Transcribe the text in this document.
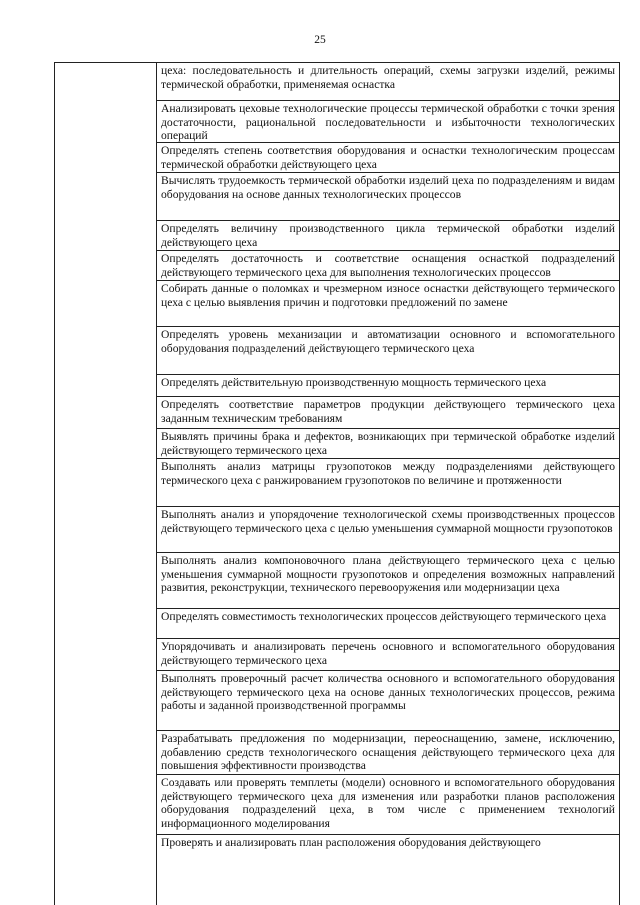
25
цеха: последовательность и длительность операций, схемы загрузки изделий, режимы термической обработки, применяемая оснастка
Анализировать цеховые технологические процессы термической обработки с точки зрения достаточности, рациональной последовательности и избыточности технологических операций
Определять степень соответствия оборудования и оснастки технологическим процессам термической обработки действующего цеха
Вычислять трудоемкость термической обработки изделий цеха по подразделениям и видам оборудования на основе данных технологических процессов
Определять величину производственного цикла термической обработки изделий действующего цеха
Определять достаточность и соответствие оснащения оснасткой подразделений действующего термического цеха для выполнения технологических процессов
Собирать данные о поломках и чрезмерном износе оснастки действующего термического цеха с целью выявления причин и подготовки предложений по замене
Определять уровень механизации и автоматизации основного и вспомогательного оборудования подразделений действующего термического цеха
Определять действительную производственную мощность термического цеха
Определять соответствие параметров продукции действующего термического цеха заданным техническим требованиям
Выявлять причины брака и дефектов, возникающих при термической обработке изделий действующего термического цеха
Выполнять анализ матрицы грузопотоков между подразделениями действующего термического цеха с ранжированием грузопотоков по величине и протяженности
Выполнять анализ и упорядочение технологической схемы производственных процессов действующего термического цеха с целью уменьшения суммарной мощности грузопотоков
Выполнять анализ компоновочного плана действующего термического цеха с целью уменьшения суммарной мощности грузопотоков и определения возможных направлений развития, реконструкции, технического перевооружения или модернизации цеха
Определять совместимость технологических процессов действующего термического цеха
Упорядочивать и анализировать перечень основного и вспомогательного оборудования действующего термического цеха
Выполнять проверочный расчет количества основного и вспомогательного оборудования действующего термического цеха на основе данных технологических процессов, режима работы и заданной производственной программы
Разрабатывать предложения по модернизации, переоснащению, замене, исключению, добавлению средств технологического оснащения действующего термического цеха для повышения эффективности производства
Создавать или проверять темплеты (модели) основного и вспомогательного оборудования действующего термического цеха для изменения или разработки планов расположения оборудования подразделений цеха, в том числе с применением технологий информационного моделирования
Проверять и анализировать план расположения оборудования действующего
